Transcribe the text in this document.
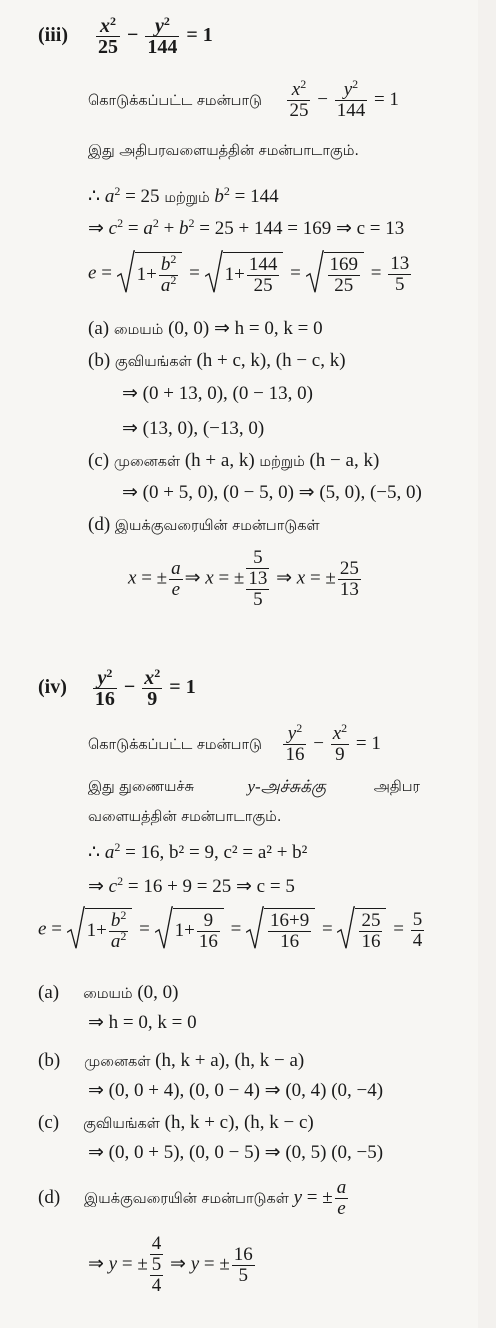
$(iii) \frac{x^2}{25} - \frac{y^2}{144} = 1$
கொடுக்கப்பட்ட சமன்பாடு $\frac{x^2}{25} - \frac{y^2}{144} = 1$
இது அதிபரவளையத்தின் சமன்பாடாகும்.
∴ $a^2 = 25$ மற்றும் $b^2 = 144$
⇒ $c^2 = a^2 + b^2 = 25 + 144 = 169$ ⇒ c = 13
e =
$1+ \frac{b^2}{a^2}$ =
$1+ \frac{144}{25} = \frac{169}{25} = \frac{13}{5}$
(a) மையம் (0, 0) ⇒ h = 0, k = 0
(b) குவியங்கள் (h + c, k), (h − c, k)
⇒ (0 + 13, 0), (0 − 13, 0)
⇒ (13, 0), (−13, 0)
(c) முனைகள் (h + a, k) மற்றும் (h − a, k)
⇒ (0 + 5, 0), (0 − 5, 0) ⇒ (5, 0), (−5, 0)
(d) இயக்குவரையின் சமன்பாடுகள்
x = ± $\frac{a}{e}$ ⇒ x = ±
5
13
5
⇒ x = ± $\frac{25}{13}$
$(iv) \frac{y^2}{16} - \frac{x^2}{9} = 1$
கொடுக்கப்பட்ட சமன்பாடு $\frac{y^2}{16} - \frac{x^2}{9} = 1$
இது துணையச்சு	y-அச்சுக்கு	அதிபர
வளையத்தின் சமன்பாடாகும்.
∴ $a^2 = 16$, b² = 9, c² = a² + b²
⇒ $c^2 = 16 + 9 = 25$ ⇒ c = 5
e =
$1+ \frac{b^2}{a^2}$ =
$1+ \frac{9}{16} = \frac{16+9}{16} = \frac{25}{16} = \frac{5}{4}$
(a) மையம் (0, 0)
⇒ h = 0, k = 0
(b) முனைகள் (h, k + a), (h, k − a)
⇒ (0, 0 + 4), (0, 0 − 4) ⇒ (0, 4) (0, −4)
(c) குவியங்கள் (h, k + c), (h, k − c)
⇒ (0, 0 + 5), (0, 0 − 5) ⇒ (0, 5) (0, −5)
(d) இயக்குவரையின் சமன்பாடுகள் y = ± $\frac{a}{e}$
⇒ y = ±
4
5
4
⇒ y = ± $\frac{16}{5}$
